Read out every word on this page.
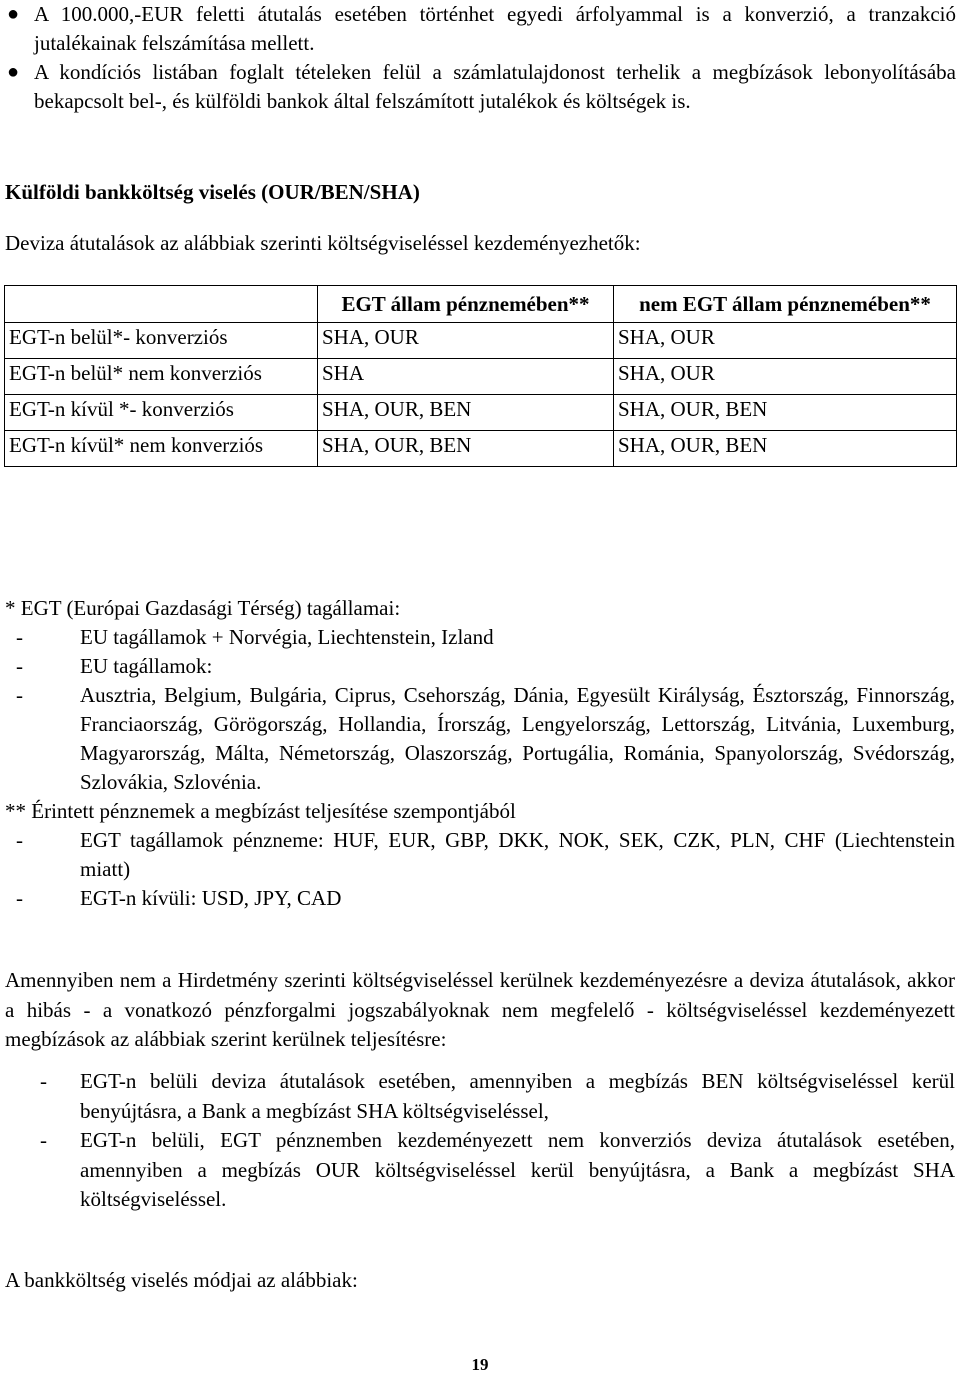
● A 100.000,-EUR feletti átutalás esetében történhet egyedi árfolyammal is a konverzió, a tranzakció jutalékainak felszámítása mellett.
● A kondíciós listában foglalt tételeken felül a számlatulajdonost terhelik a megbízások lebonyolításába bekapcsolt bel-, és külföldi bankok által felszámított jutalékok és költségek is.
Külföldi bankköltség viselés (OUR/BEN/SHA)
Deviza átutalások az alábbiak szerinti költségviseléssel kezdeményezhetők:
	EGT állam pénznemében**	nem EGT állam pénznemében**
EGT-n belül*- konverziós	SHA, OUR	SHA, OUR
EGT-n belül* nem konverziós	SHA	SHA, OUR
EGT-n kívül *- konverziós	SHA, OUR, BEN	SHA, OUR, BEN
EGT-n kívül* nem konverziós	SHA, OUR, BEN	SHA, OUR, BEN
* EGT (Európai Gazdasági Térség) tagállamai:
-	EU tagállamok + Norvégia, Liechtenstein, Izland
-	EU tagállamok:
-	Ausztria, Belgium, Bulgária, Ciprus, Csehország, Dánia, Egyesült Királyság, Észtország, Finnország, Franciaország, Görögország, Hollandia, Írország, Lengyelország, Lettország, Litvánia, Luxemburg, Magyarország, Málta, Németország, Olaszország, Portugália, Románia, Spanyolország, Svédország, Szlovákia, Szlovénia.
** Érintett pénznemek a megbízást teljesítése szempontjából
-	EGT tagállamok pénzneme: HUF, EUR, GBP, DKK, NOK, SEK, CZK, PLN, CHF (Liechtenstein miatt)
-	EGT-n kívüli: USD, JPY, CAD
Amennyiben nem a Hirdetmény szerinti költségviseléssel kerülnek kezdeményezésre a deviza átutalások, akkor a hibás - a vonatkozó pénzforgalmi jogszabályoknak nem megfelelő - költségviseléssel kezdeményezett megbízások az alábbiak szerint kerülnek teljesítésre:
- EGT-n belüli deviza átutalások esetében, amennyiben a megbízás BEN költségviseléssel kerül benyújtásra, a Bank a megbízást SHA költségviseléssel,
- EGT-n belüli, EGT pénznemben kezdeményezett nem konverziós deviza átutalások esetében, amennyiben a megbízás OUR költségviseléssel kerül benyújtásra, a Bank a megbízást SHA költségviseléssel.
A bankköltség viselés módjai az alábbiak:
19
